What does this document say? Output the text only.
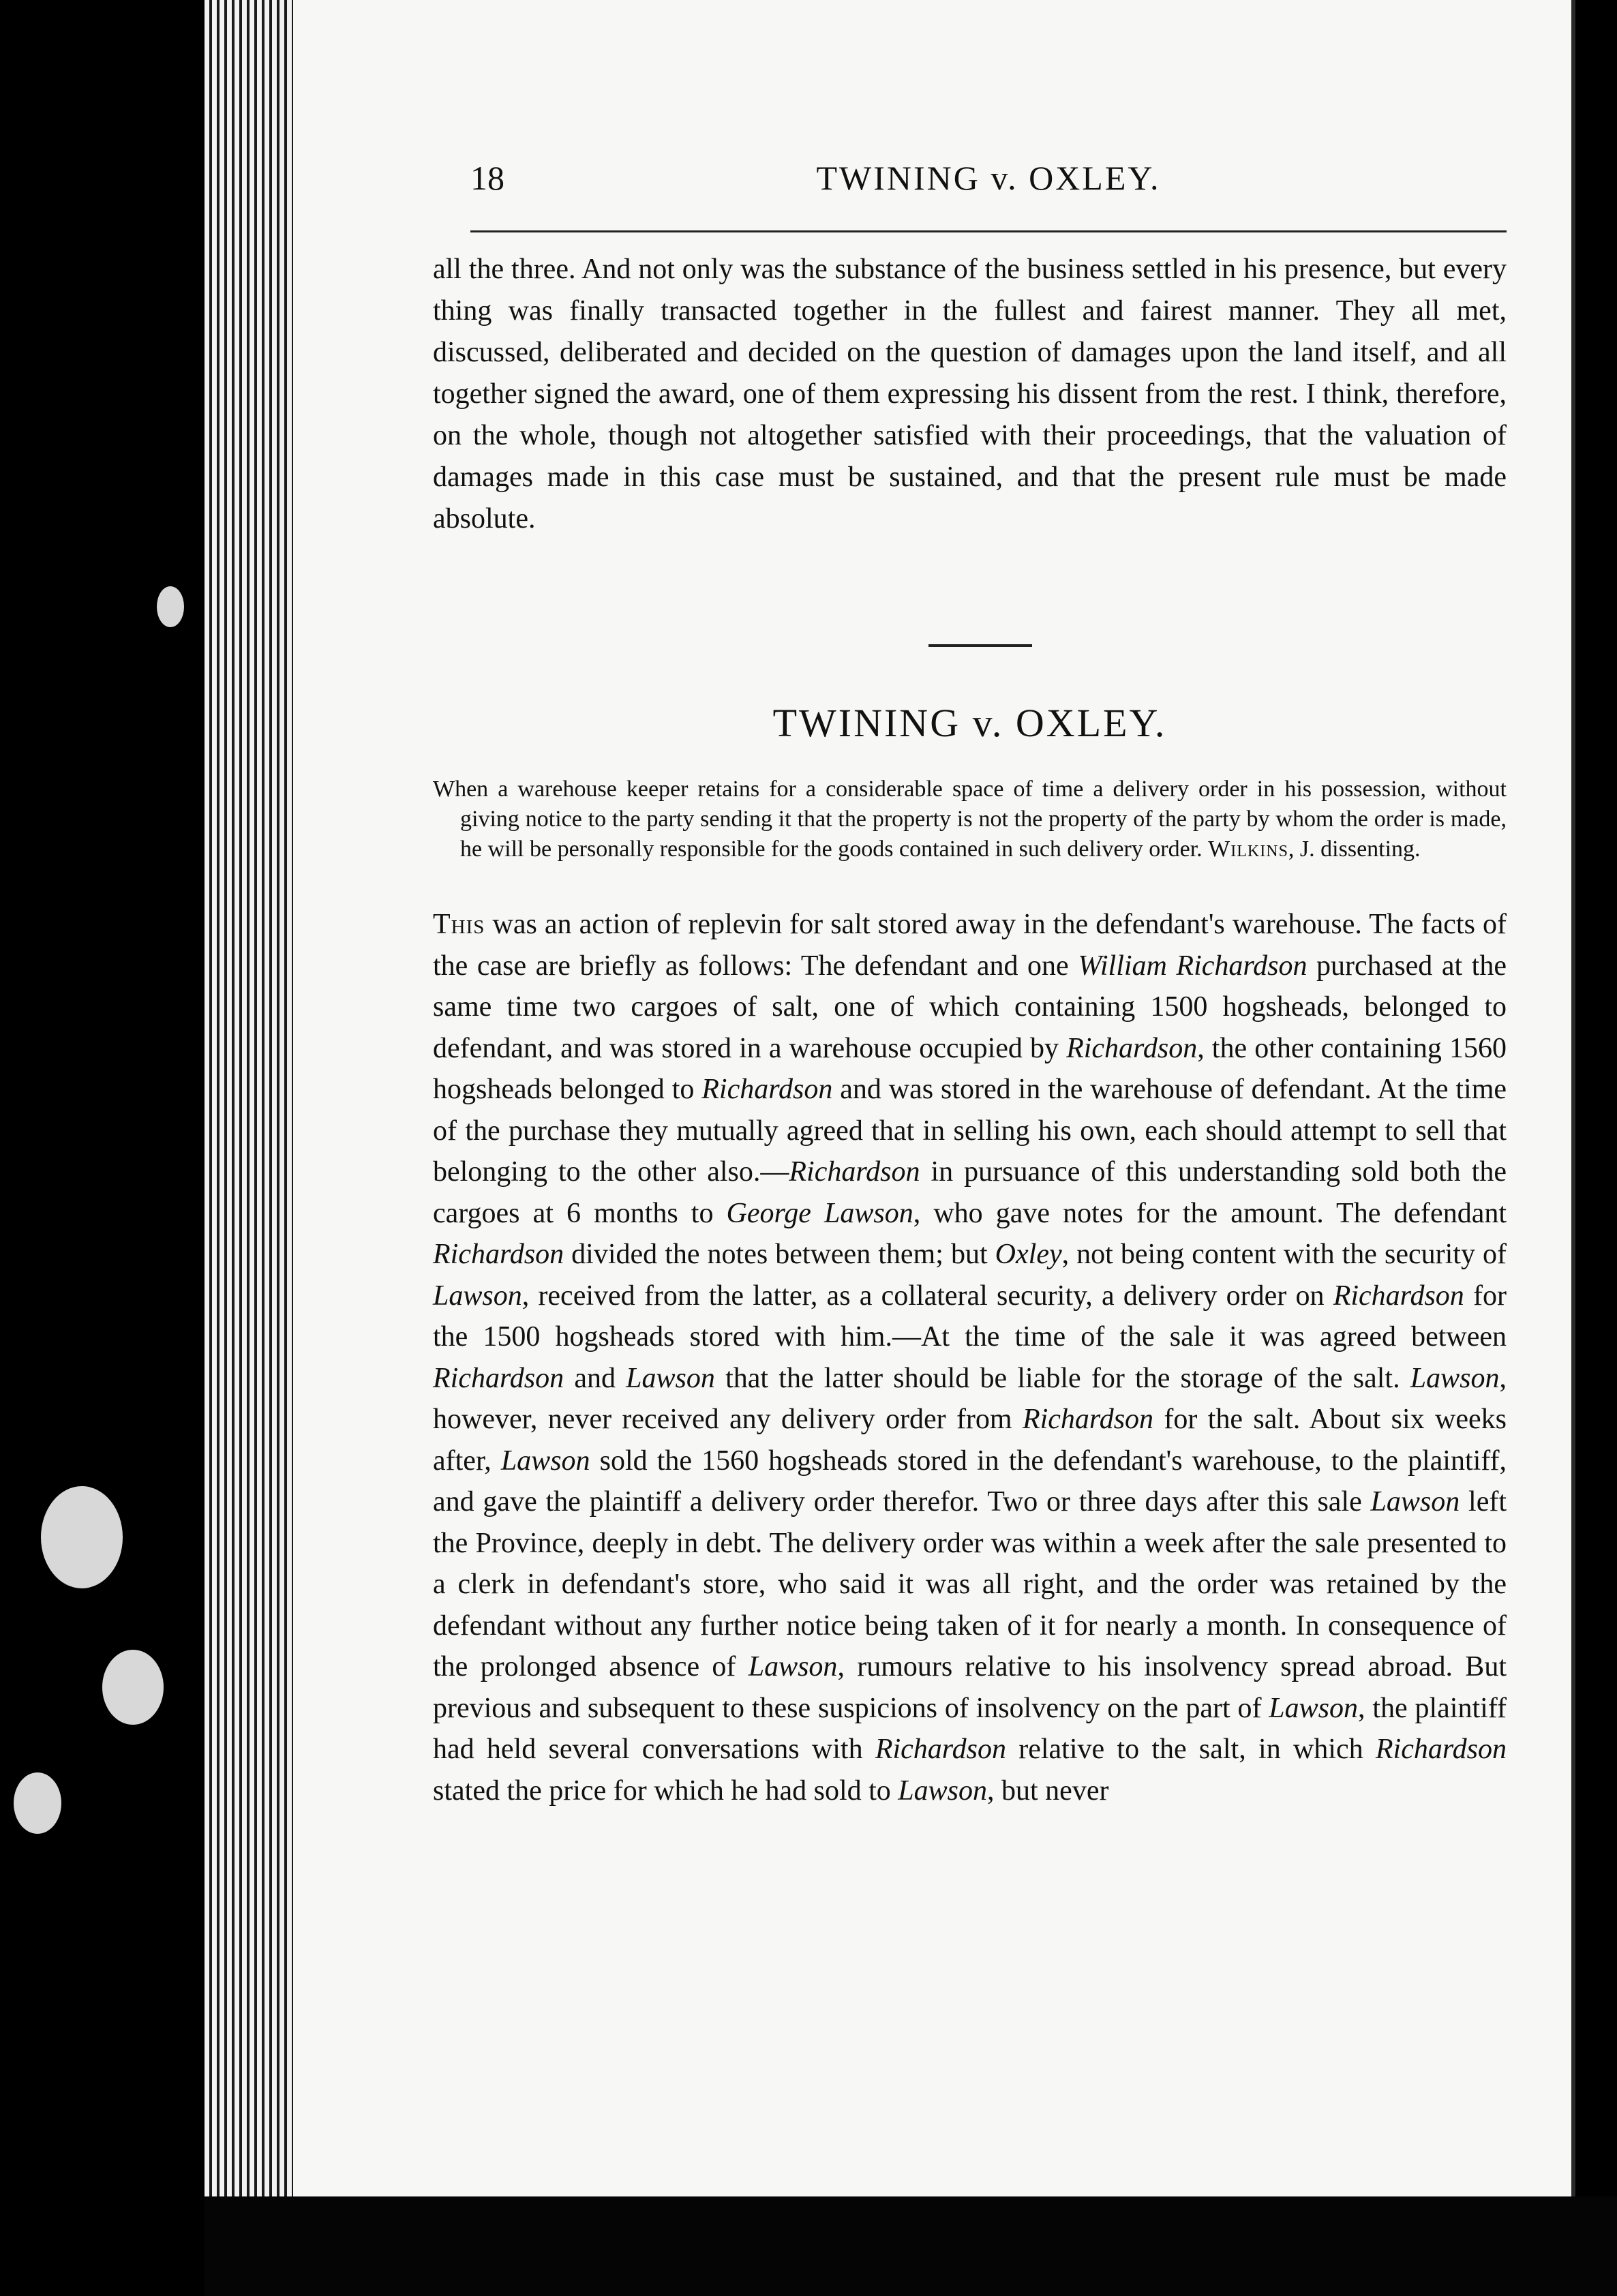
18	TWINING v. OXLEY.

all the three. And not only was the substance of the business settled in his presence, but every thing was finally transacted together in the fullest and fairest manner. They all met, discussed, deliberated and decided on the question of damages upon the land itself, and all together signed the award, one of them expressing his dissent from the rest. I think, therefore, on the whole, though not altogether satisfied with their proceedings, that the valuation of damages made in this case must be sustained, and that the present rule must be made absolute.

TWINING v. OXLEY.

When a warehouse keeper retains for a considerable space of time a delivery order in his possession, without giving notice to the party sending it that the property is not the property of the party by whom the order is made, he will be personally responsible for the goods contained in such delivery order. Wilkins, J. dissenting.

This was an action of replevin for salt stored away in the defendant's warehouse. The facts of the case are briefly as follows: The defendant and one William Richardson purchased at the same time two cargoes of salt, one of which containing 1500 hogsheads, belonged to defendant, and was stored in a warehouse occupied by Richardson, the other containing 1560 hogsheads belonged to Richardson and was stored in the warehouse of defendant. At the time of the purchase they mutually agreed that in selling his own, each should attempt to sell that belonging to the other also.—Richardson in pursuance of this understanding sold both the cargoes at 6 months to George Lawson, who gave notes for the amount. The defendant Richardson divided the notes between them; but Oxley, not being content with the security of Lawson, received from the latter, as a collateral security, a delivery order on Richardson for the 1500 hogsheads stored with him.—At the time of the sale it was agreed between Richardson and Lawson that the latter should be liable for the storage of the salt. Lawson, however, never received any delivery order from Richardson for the salt. About six weeks after, Lawson sold the 1560 hogsheads stored in the defendant's warehouse, to the plaintiff, and gave the plaintiff a delivery order therefor. Two or three days after this sale Lawson left the Province, deeply in debt. The delivery order was within a week after the sale presented to a clerk in defendant's store, who said it was all right, and the order was retained by the defendant without any further notice being taken of it for nearly a month. In consequence of the prolonged absence of Lawson, rumours relative to his insolvency spread abroad. But previous and subsequent to these suspicions of insolvency on the part of Lawson, the plaintiff had held several conversations with Richardson relative to the salt, in which Richardson stated the price for which he had sold to Lawson, but never
